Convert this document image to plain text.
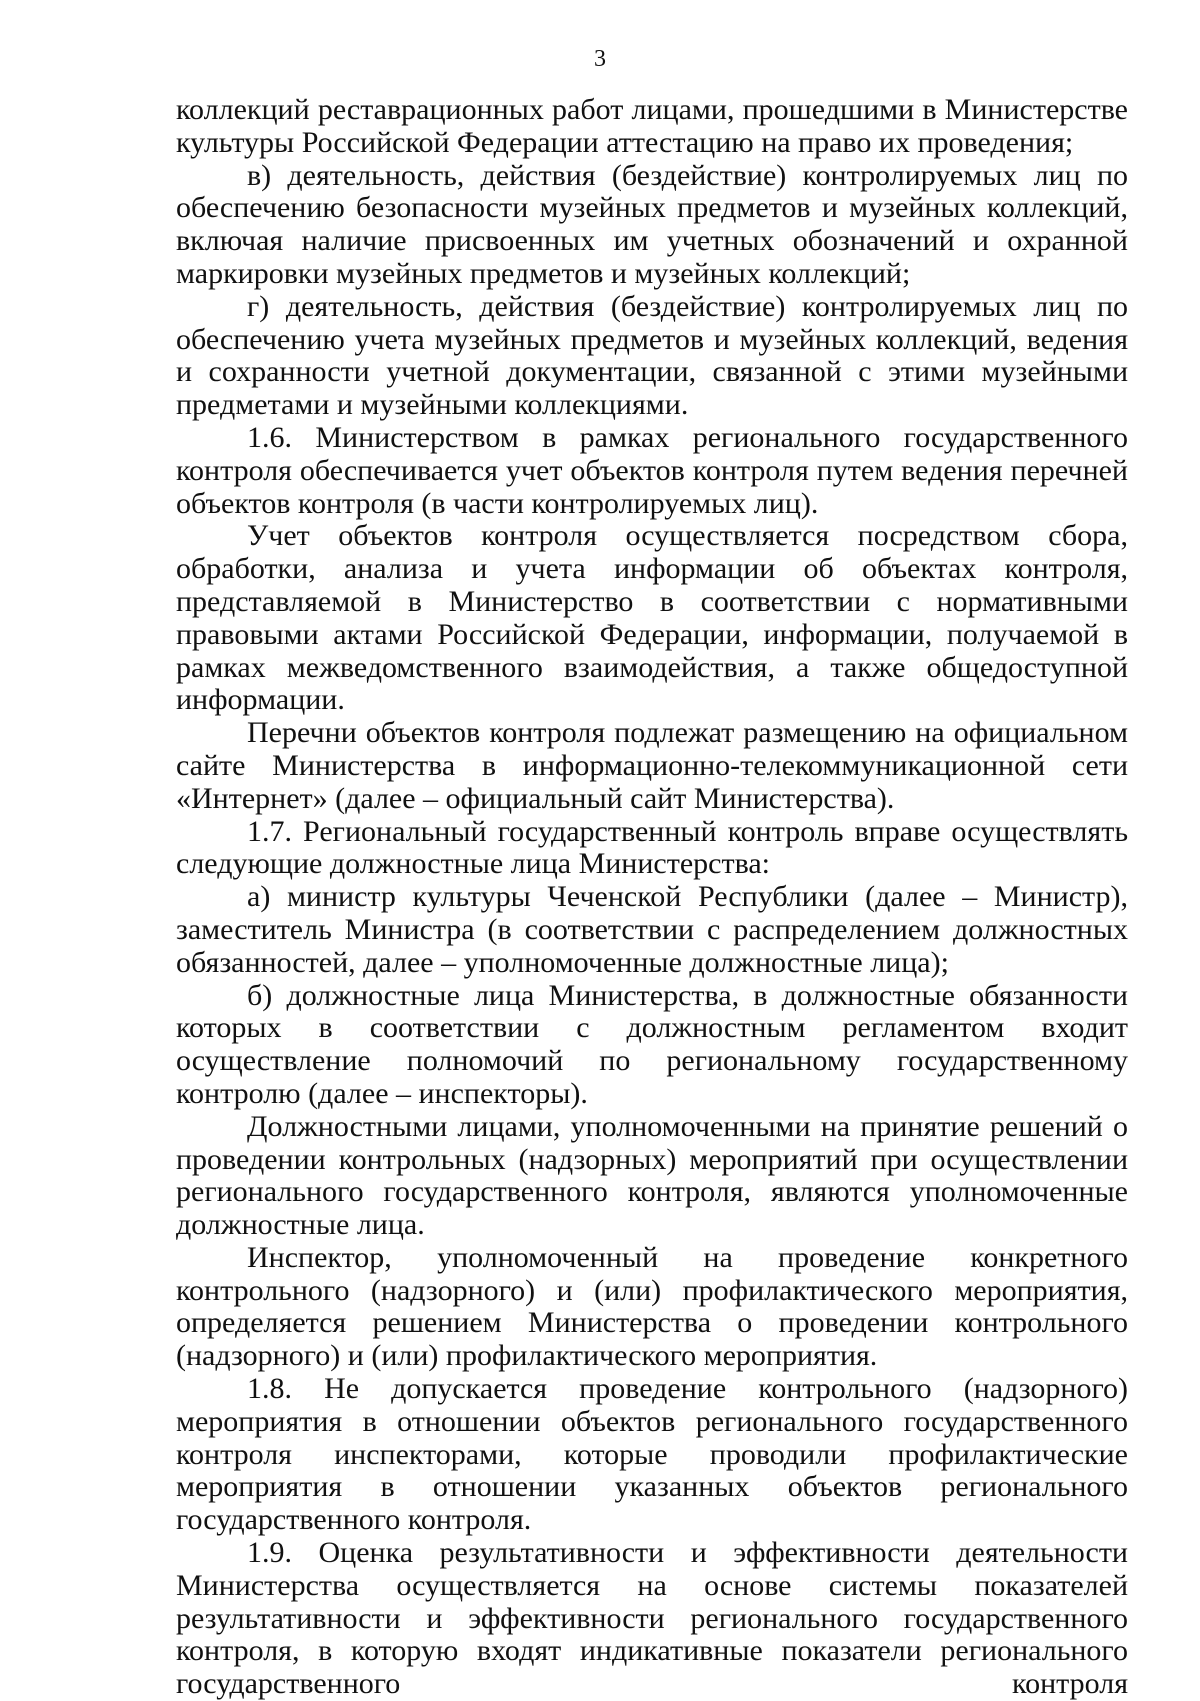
3

коллекций реставрационных работ лицами, прошедшими в Министерстве культуры Российской Федерации аттестацию на право их проведения;

в) деятельность, действия (бездействие) контролируемых лиц по обеспечению безопасности музейных предметов и музейных коллекций, включая наличие присвоенных им учетных обозначений и охранной маркировки музейных предметов и музейных коллекций;

г) деятельность, действия (бездействие) контролируемых лиц по обеспечению учета музейных предметов и музейных коллекций, ведения и сохранности учетной документации, связанной с этими музейными предметами и музейными коллекциями.

1.6. Министерством в рамках регионального государственного контроля обеспечивается учет объектов контроля путем ведения перечней объектов контроля (в части контролируемых лиц).

Учет объектов контроля осуществляется посредством сбора, обработки, анализа и учета информации об объектах контроля, представляемой в Министерство в соответствии с нормативными правовыми актами Российской Федерации, информации, получаемой в рамках межведомственного взаимодействия, а также общедоступной информации.

Перечни объектов контроля подлежат размещению на официальном сайте Министерства в информационно-телекоммуникационной сети «Интернет» (далее – официальный сайт Министерства).

1.7. Региональный государственный контроль вправе осуществлять следующие должностные лица Министерства:

а) министр культуры Чеченской Республики (далее – Министр), заместитель Министра (в соответствии с распределением должностных обязанностей, далее – уполномоченные должностные лица);

б) должностные лица Министерства, в должностные обязанности которых в соответствии с должностным регламентом входит осуществление полномочий по региональному государственному контролю (далее – инспекторы).

Должностными лицами, уполномоченными на принятие решений о проведении контрольных (надзорных) мероприятий при осуществлении регионального государственного контроля, являются уполномоченные должностные лица.

Инспектор, уполномоченный на проведение конкретного контрольного (надзорного) и (или) профилактического мероприятия, определяется решением Министерства о проведении контрольного (надзорного) и (или) профилактического мероприятия.

1.8. Не допускается проведение контрольного (надзорного) мероприятия в отношении объектов регионального государственного контроля инспекторами, которые проводили профилактические мероприятия в отношении указанных объектов регионального государственного контроля.

1.9. Оценка результативности и эффективности деятельности Министерства осуществляется на основе системы показателей результативности и эффективности регионального государственного контроля, в которую входят индикативные показатели регионального государственного контроля
